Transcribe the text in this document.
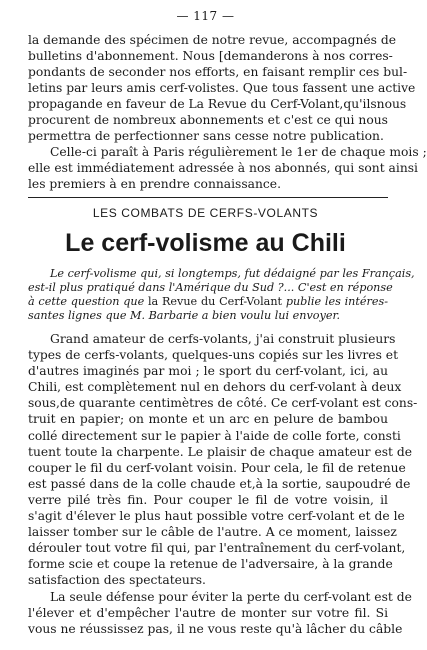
— 117 —
la demande des spécimen de notre revue, accompagnés de
bulletins d'abonnement. Nous [demanderons à nos corres-
pondants de seconder nos efforts, en faisant remplir ces bul-
letins par leurs amis cerf-volistes. Que tous fassent une active
propagande en faveur de La Revue du Cerf-Volant,qu'ilsnous
procurent de nombreux abonnements et c'est ce qui nous
permettra de perfectionner sans cesse notre publication.
Celle-ci paraît à Paris régulièrement le 1er de chaque mois ;
elle est immédiatement adressée à nos abonnés, qui sont ainsi
les premiers à en prendre connaissance.
LES COMBATS DE CERFS-VOLANTS
Le cerf-volisme au Chili
Le cerf-volisme qui, si longtemps, fut dédaigné par les Français,
est-il plus pratiqué dans l'Amérique du Sud ?... C'est en réponse
à cette question que la Revue du Cerf-Volant publie les intéres-
santes lignes que M. Barbarie a bien voulu lui envoyer.
Grand amateur de cerfs-volants, j'ai construit plusieurs
types de cerfs-volants, quelques-uns copiés sur les livres et
d'autres imaginés par moi ; le sport du cerf-volant, ici, au
Chili, est complètement nul en dehors du cerf-volant à deux
sous,de quarante centimètres de côté. Ce cerf-volant est cons-
truit en papier; on monte et un arc en pelure de bambou
collé directement sur le papier à l'aide de colle forte, consti
tuent toute la charpente. Le plaisir de chaque amateur est de
couper le fil du cerf-volant voisin. Pour cela, le fil de retenue
est passé dans de la colle chaude et,à la sortie, saupoudré de
verre pilé très fin. Pour couper le fil de votre voisin, il
s'agit d'élever le plus haut possible votre cerf-volant et de le
laisser tomber sur le câble de l'autre. A ce moment, laissez
dérouler tout votre fil qui, par l'entraînement du cerf-volant,
forme scie et coupe la retenue de l'adversaire, à la grande
satisfaction des spectateurs.
La seule défense pour éviter la perte du cerf-volant est de
l'élever et d'empêcher l'autre de monter sur votre fil. Si
vous ne réussissez pas, il ne vous reste qu'à lâcher du câble
